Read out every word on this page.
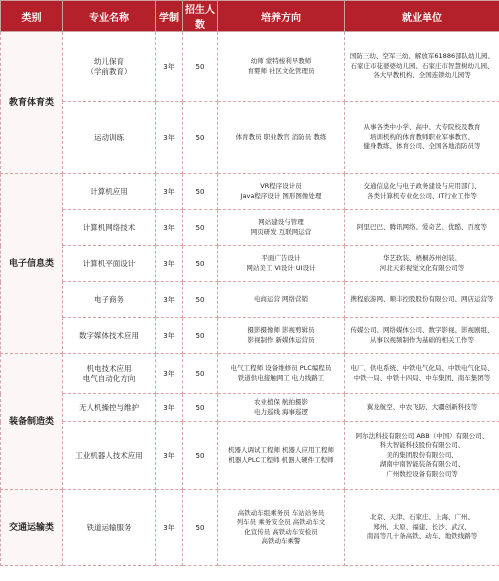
类别	专业名称	学制	招生人数	培养方向	就业单位
教育体育类	幼儿保育
（学前教育）	3年	50	幼师 蒙特梭利早教师
育婴师 社区文化管理员	国防三幼、空军三幼、解放军61886部队幼儿园、
石家庄市花婆婆幼儿园、石家庄市智慧树幼儿园、
各大早教机构、全国连锁幼儿园等

	运动训练	3年	50	体育教员 职业教官 消防员 教练	从事各类中小学、高中、大专院校及教育
培训机构的体育教师职业军事教官、
健身教练、体育公司、全国各地消防员等

电子信息类	计算机应用	3年	50	VR程序设计员
Java程序设计 图形图像处理	交通信息化与电子政务建设与应用部门、
各类计算机专业化公司、IT行业工作等

	计算机网络技术	3年	50	网站建设与管理
网页研发 互联网运营	阿里巴巴、腾讯网络、爱奇艺、优酷、百度等

	计算机平面设计	3年	50	平面广告设计
网站美工 VI设计 UI设计	华艺软装、梧桐苏州创装、
河北天彩视觉文化有限公司等

	电子商务	3年	50	电商运营 网络营销	携程旅游网、顺丰控股股份有限公司、网店运营等

	数字媒体技术应用	3年	50	摄影摄像师 影视剪辑员
影视制作 新媒体运营员	传媒公司、网络媒体公司、数字影视、影视剧组、
从事以视频制作为基础的相关工作等

装备制造类	机电技术应用
电气自动化方向	3年	50	电气工程师 设备维修员 PLC编程员
铁道供电接触网工 电力线路工	电厂、供电系统、中铁电气化局、中铁电气化局、
中铁一局、中铁十四局、中车集团、南车集团等

	无人机操控与维护	3年	50	农业植保 航拍摄影
电力巡线 海事巡逻	翼龙航空、中农飞防、大疆创新科技等

	工业机器人技术应用	3年	50	机器人调试工程师 机器人应用工程师
机器人PLC工程师 机器人硬件工程师	阿尔法科技有限公司 ABB（中国）有限公司、
科大智能科技股份有限公司、
美的集团股份有限公司、
湖南中南智能装备有限公司、
广州数控设备有限公司等

交通运输类	铁道运输服务	3年	50	高铁动车组乘务员 车站站务员
列车员 乘务安全员 高铁动车文
化宣传员 高铁动车安检员
高铁动车乘警	北京、天津、石家庄、上海、广州、
郑州、太原、福建、长沙、武汉、
南昌等几十条高铁、动车、地铁线路等
